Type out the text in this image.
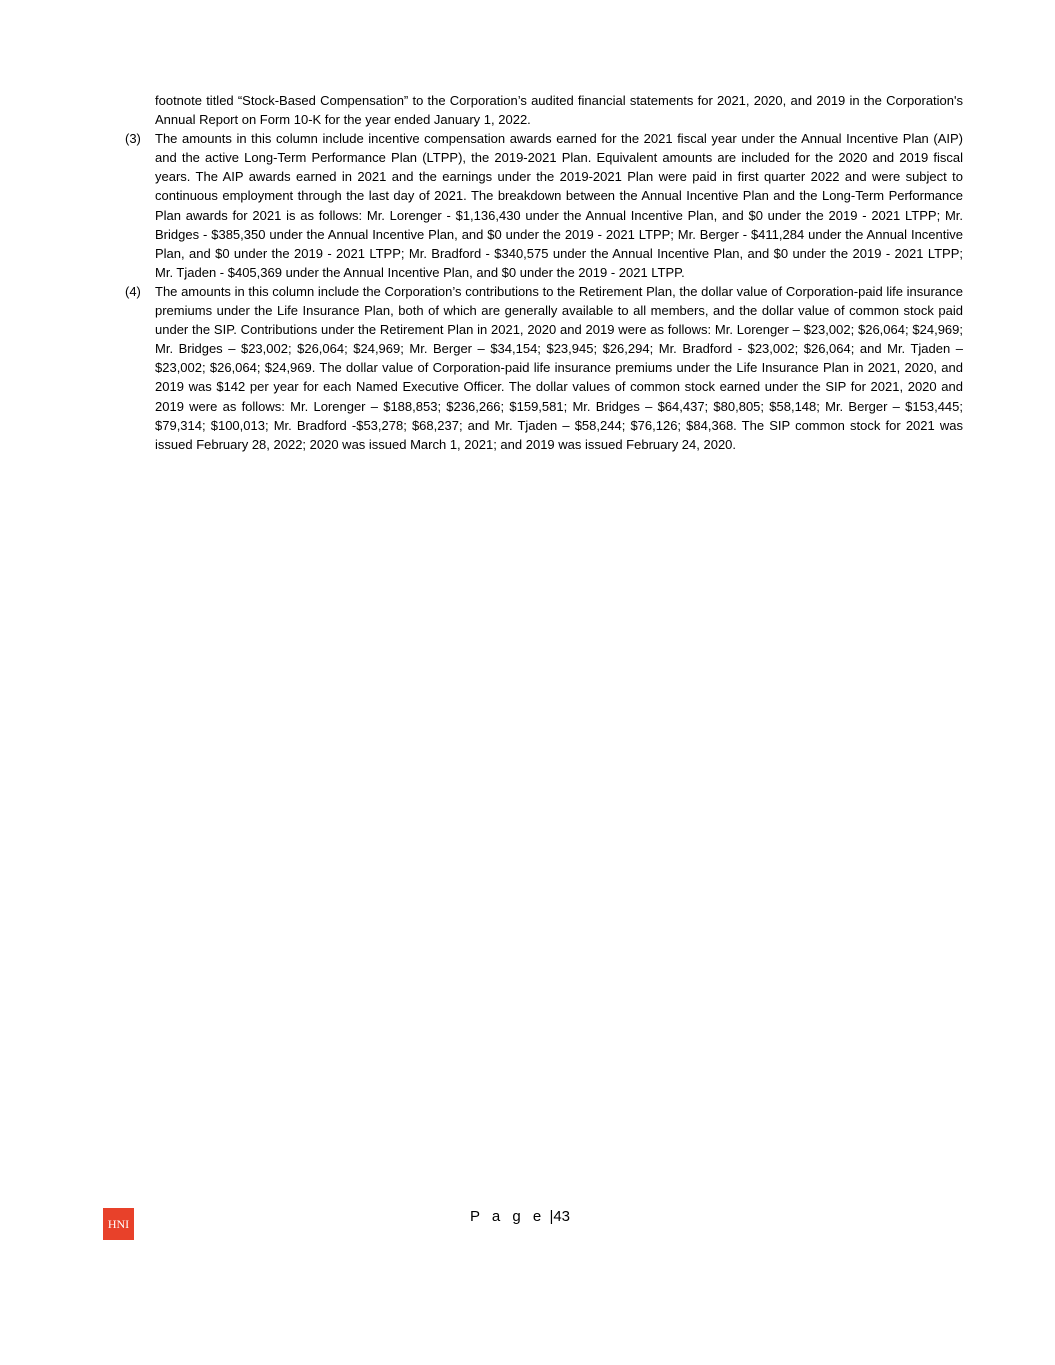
footnote titled “Stock-Based Compensation” to the Corporation’s audited financial statements for 2021, 2020, and 2019 in the Corporation's Annual Report on Form 10-K for the year ended January 1, 2022.
(3) The amounts in this column include incentive compensation awards earned for the 2021 fiscal year under the Annual Incentive Plan (AIP) and the active Long-Term Performance Plan (LTPP), the 2019-2021 Plan. Equivalent amounts are included for the 2020 and 2019 fiscal years. The AIP awards earned in 2021 and the earnings under the 2019-2021 Plan were paid in first quarter 2022 and were subject to continuous employment through the last day of 2021. The breakdown between the Annual Incentive Plan and the Long-Term Performance Plan awards for 2021 is as follows: Mr. Lorenger - $1,136,430 under the Annual Incentive Plan, and $0 under the 2019 - 2021 LTPP; Mr. Bridges - $385,350 under the Annual Incentive Plan, and $0 under the 2019 - 2021 LTPP; Mr. Berger - $411,284 under the Annual Incentive Plan, and $0 under the 2019 - 2021 LTPP; Mr. Bradford - $340,575 under the Annual Incentive Plan, and $0 under the 2019 - 2021 LTPP; Mr. Tjaden - $405,369 under the Annual Incentive Plan, and $0 under the 2019 - 2021 LTPP.
(4) The amounts in this column include the Corporation’s contributions to the Retirement Plan, the dollar value of Corporation-paid life insurance premiums under the Life Insurance Plan, both of which are generally available to all members, and the dollar value of common stock paid under the SIP. Contributions under the Retirement Plan in 2021, 2020 and 2019 were as follows: Mr. Lorenger – $23,002; $26,064; $24,969; Mr. Bridges – $23,002; $26,064; $24,969; Mr. Berger – $34,154; $23,945; $26,294; Mr. Bradford - $23,002; $26,064; and Mr. Tjaden – $23,002; $26,064; $24,969. The dollar value of Corporation-paid life insurance premiums under the Life Insurance Plan in 2021, 2020, and 2019 was $142 per year for each Named Executive Officer. The dollar values of common stock earned under the SIP for 2021, 2020 and 2019 were as follows: Mr. Lorenger – $188,853; $236,266; $159,581; Mr. Bridges – $64,437; $80,805; $58,148; Mr. Berger – $153,445; $79,314; $100,013; Mr. Bradford -$53,278; $68,237; and Mr. Tjaden – $58,244; $76,126; $84,368. The SIP common stock for 2021 was issued February 28, 2022; 2020 was issued March 1, 2021; and 2019 was issued February 24, 2020.
HNI	P a g e |43
